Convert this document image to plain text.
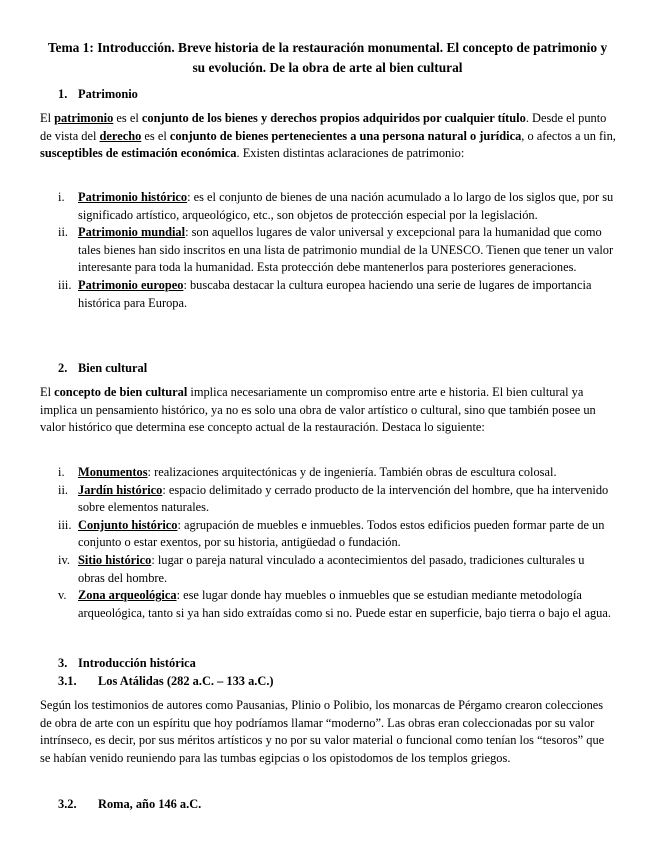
Tema 1: Introducción. Breve historia de la restauración monumental. El concepto de patrimonio y su evolución. De la obra de arte al bien cultural
1. Patrimonio

El patrimonio es el conjunto de los bienes y derechos propios adquiridos por cualquier título. Desde el punto de vista del derecho es el conjunto de bienes pertenecientes a una persona natural o jurídica, o afectos a un fin, susceptibles de estimación económica. Existen distintas aclaraciones de patrimonio:

i. Patrimonio histórico: es el conjunto de bienes de una nación acumulado a lo largo de los siglos que, por su significado artístico, arqueológico, etc., son objetos de protección especial por la legislación.
ii. Patrimonio mundial: son aquellos lugares de valor universal y excepcional para la humanidad que como tales bienes han sido inscritos en una lista de patrimonio mundial de la UNESCO. Tienen que tener un valor interesante para toda la humanidad. Esta protección debe mantenerlos para posteriores generaciones.
iii. Patrimonio europeo: buscaba destacar la cultura europea haciendo una serie de lugares de importancia histórica para Europa.
2. Bien cultural

El concepto de bien cultural implica necesariamente un compromiso entre arte e historia. El bien cultural ya implica un pensamiento histórico, ya no es solo una obra de valor artístico o cultural, sino que también posee un valor histórico que determina ese concepto actual de la restauración. Destaca lo siguiente:

i. Monumentos: realizaciones arquitectónicas y de ingeniería. También obras de escultura colosal.
ii. Jardín histórico: espacio delimitado y cerrado producto de la intervención del hombre, que ha intervenido sobre elementos naturales.
iii. Conjunto histórico: agrupación de muebles e inmuebles. Todos estos edificios pueden formar parte de un conjunto o estar exentos, por su historia, antigüedad o fundación.
iv. Sitio histórico: lugar o pareja natural vinculado a acontecimientos del pasado, tradiciones culturales u obras del hombre.
v. Zona arqueológica: ese lugar donde hay muebles o inmuebles que se estudian mediante metodología arqueológica, tanto si ya han sido extraídas como si no. Puede estar en superficie, bajo tierra o bajo el agua.
3. Introducción histórica
3.1. Los Atálidas (282 a.C. – 133 a.C.)

Según los testimonios de autores como Pausanias, Plinio o Polibio, los monarcas de Pérgamo crearon colecciones de obra de arte con un espíritu que hoy podríamos llamar “moderno”. Las obras eran coleccionadas por su valor intrínseco, es decir, por sus méritos artísticos y no por su valor material o funcional como tenían los “tesoros” que se habían venido reuniendo para las tumbas egipcias o los opistodomos de los templos griegos.

3.2. Roma, año 146 a.C.
